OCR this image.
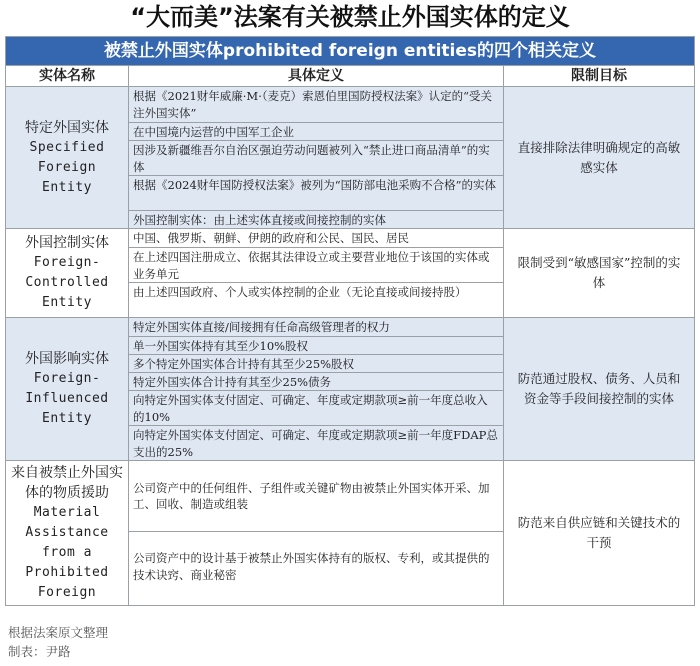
“大而美”法案有关被禁止外国实体的定义
被禁止外国实体prohibited foreign entities的四个相关定义
实体名称	具体定义	限制目标
特定外国实体
Specified
Foreign
Entity
根据《2021财年威廉·M·（麦克）索恩伯里国防授权法案》认定的“受关注外国实体”
在中国境内运营的中国军工企业
因涉及新疆维吾尔自治区强迫劳动问题被列入“禁止进口商品清单”的实体
根据《2024财年国防授权法案》被列为“国防部电池采购不合格”的实体
外国控制实体：由上述实体直接或间接控制的实体
直接排除法律明确规定的高敏感实体
外国控制实体
Foreign-
Controlled
Entity
中国、俄罗斯、朝鲜、伊朗的政府和公民、国民、居民
在上述四国注册成立、依据其法律设立或主要营业地位于该国的实体或业务单元
由上述四国政府、个人或实体控制的企业（无论直接或间接持股）
限制受到“敏感国家”控制的实体
外国影响实体
Foreign-
Influenced
Entity
特定外国实体直接/间接拥有任命高级管理者的权力
单一外国实体持有其至少10%股权
多个特定外国实体合计持有其至少25%股权
特定外国实体合计持有其至少25%债务
向特定外国实体支付固定、可确定、年度或定期款项≥前一年度总收入的10%
向特定外国实体支付固定、可确定、年度或定期款项≥前一年度FDAP总支出的25%
防范通过股权、债务、人员和资金等手段间接控制的实体
来自被禁止外国实体的物质援助
Material
Assistance
from a
Prohibited
Foreign
公司资产中的任何组件、子组件或关键矿物由被禁止外国实体开采、加工、回收、制造或组装
公司资产中的设计基于被禁止外国实体持有的版权、专利，或其提供的技术诀窍、商业秘密
防范来自供应链和关键技术的干预
根据法案原文整理
制表：尹路
